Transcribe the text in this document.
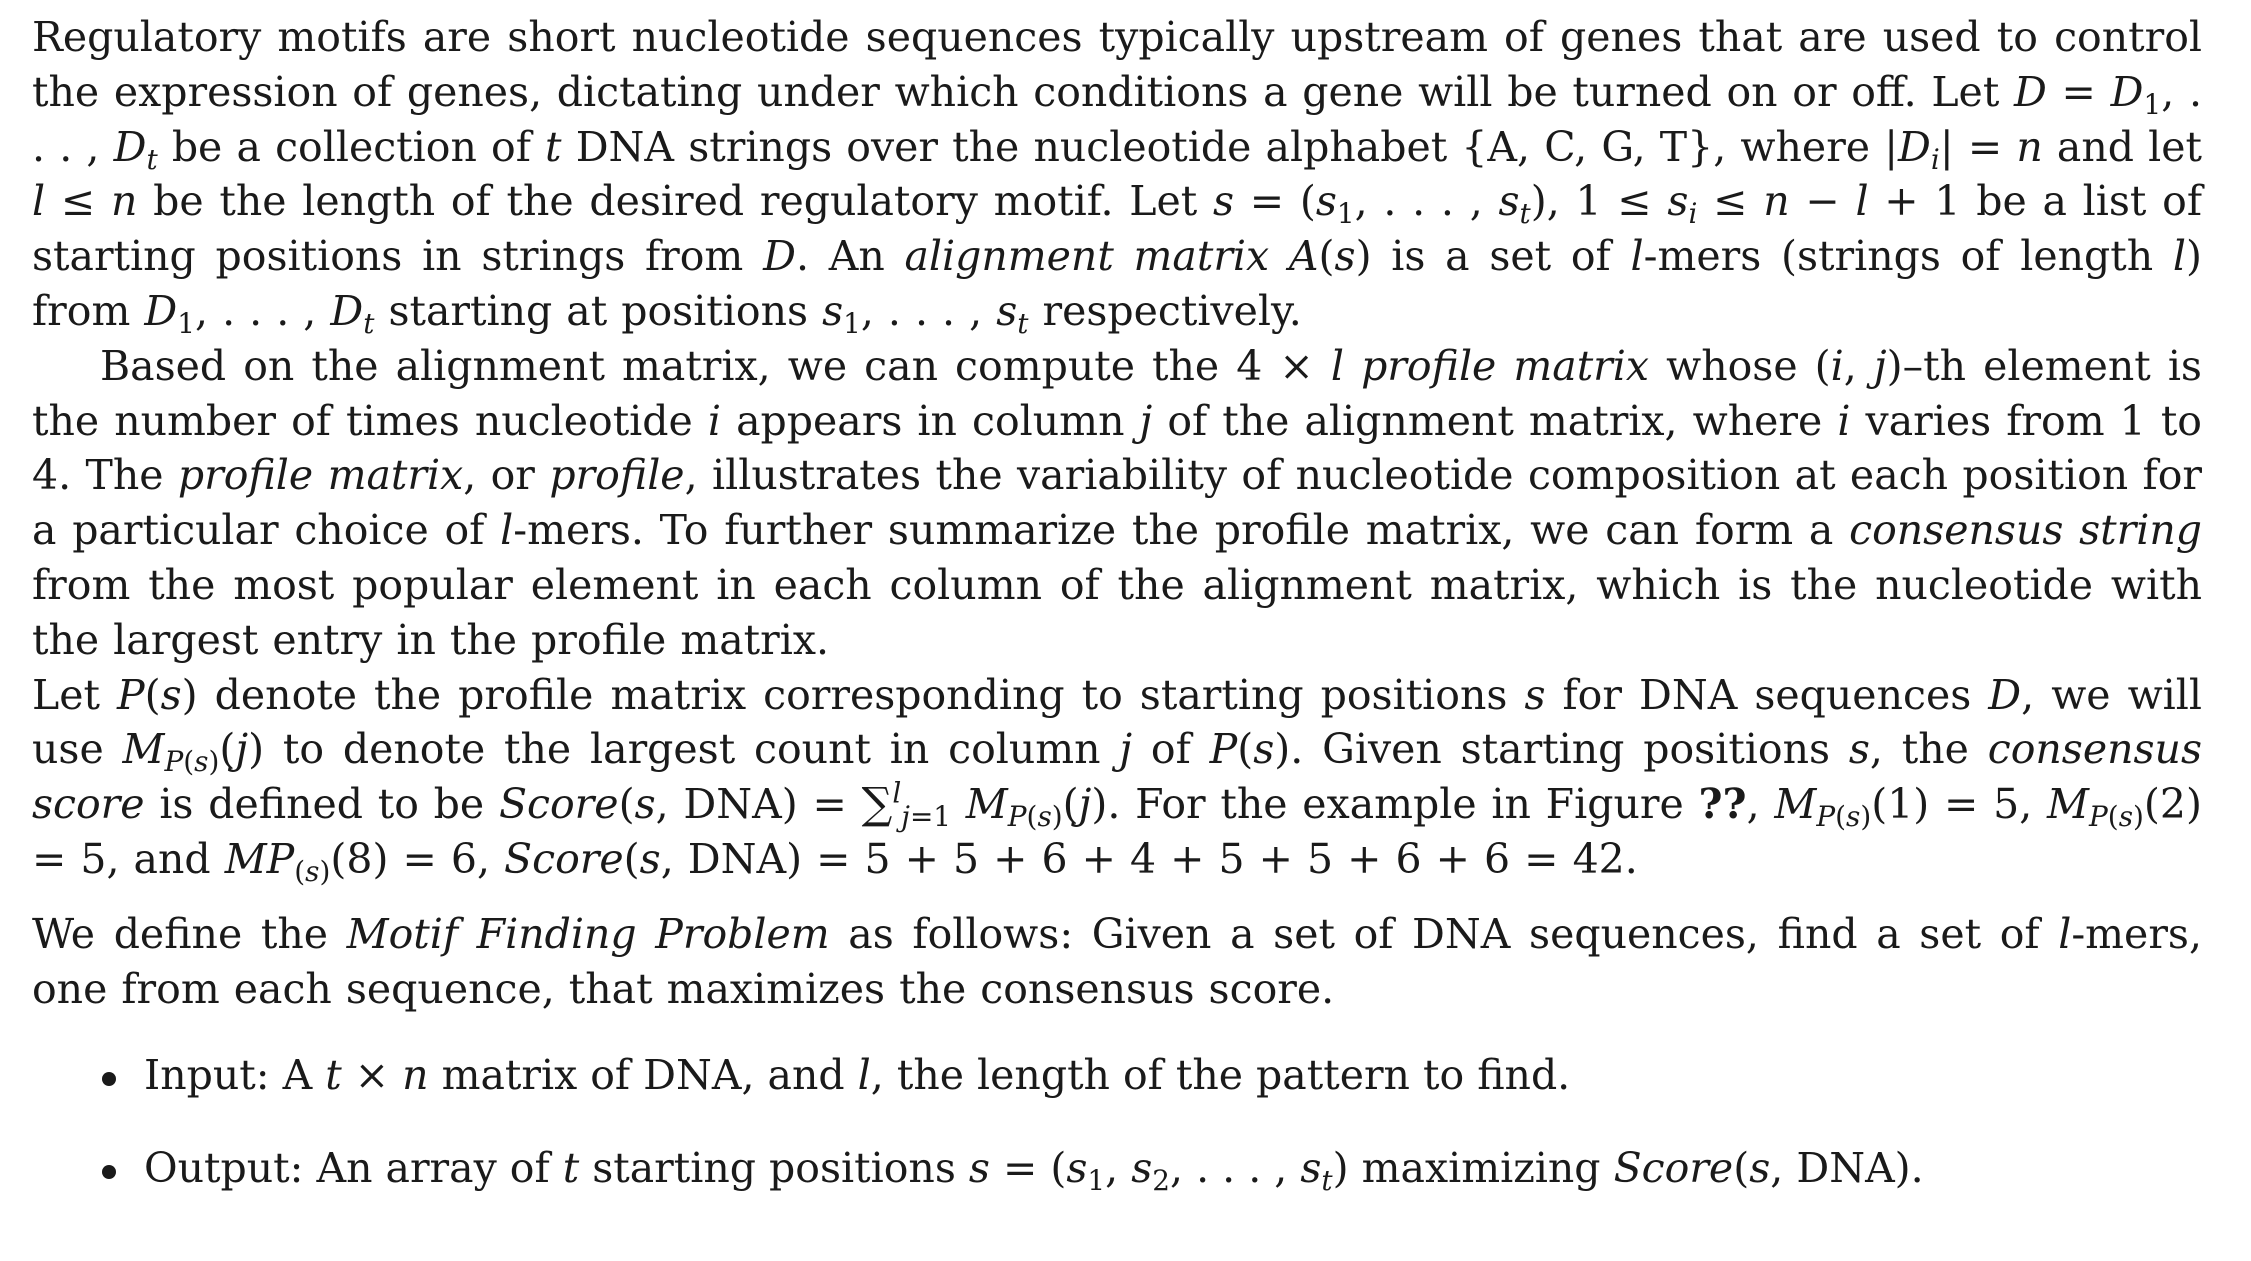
Regulatory motifs are short nucleotide sequences typically upstream of genes that are used to control the expression of genes, dictating under which conditions a gene will be turned on or off. Let $D = D_1$, . . . , $D_t$ be a collection of t DNA strings over the nucleotide alphabet {A, C, G, T}, where $|D_i| = n$ and let l ≤ n be the length of the desired regulatory motif. Let $s = (s_1$, . . . , $s_t$), $1 \le s_i \le n - l + 1$ be a list of starting positions in strings from D. An alignment matrix A(s) is a set of l-mers (strings of length l) from $D_1$, . . . , $D_t$ starting at positions $s_1$, . . . , $s_t$ respectively.

Based on the alignment matrix, we can compute the 4 × l profile matrix whose (i, j)–th element is the number of times nucleotide i appears in column j of the alignment matrix, where i varies from 1 to 4. The profile matrix, or profile, illustrates the variability of nucleotide composition at each position for a particular choice of l-mers. To further summarize the profile matrix, we can form a consensus string from the most popular element in each column of the alignment matrix, which is the nucleotide with the largest entry in the profile matrix.

Let P(s) denote the profile matrix corresponding to starting positions s for DNA sequences D, we will use $M_{P(s)}(j)$ to denote the largest count in column j of P(s). Given starting positions s, the consensus score is defined to be Score(s, DNA) = ∑$^l_{j=1}$ $M_{P(s)}(j)$. For the example in Figure ??, $M_{P(s)}(1) = 5$, $M_{P(s)}(2) = 5$, and $MP_{(s)}(8) = 6$, Score(s, DNA) = 5 + 5 + 6 + 4 + 5 + 5 + 6 + 6 = 42.

We define the Motif Finding Problem as follows: Given a set of DNA sequences, find a set of l-mers, one from each sequence, that maximizes the consensus score.

Input: A t × n matrix of DNA, and l, the length of the pattern to find.
Output: An array of t starting positions $s = (s_1$, $s_2$, . . . , $s_t$) maximizing Score(s, DNA).
